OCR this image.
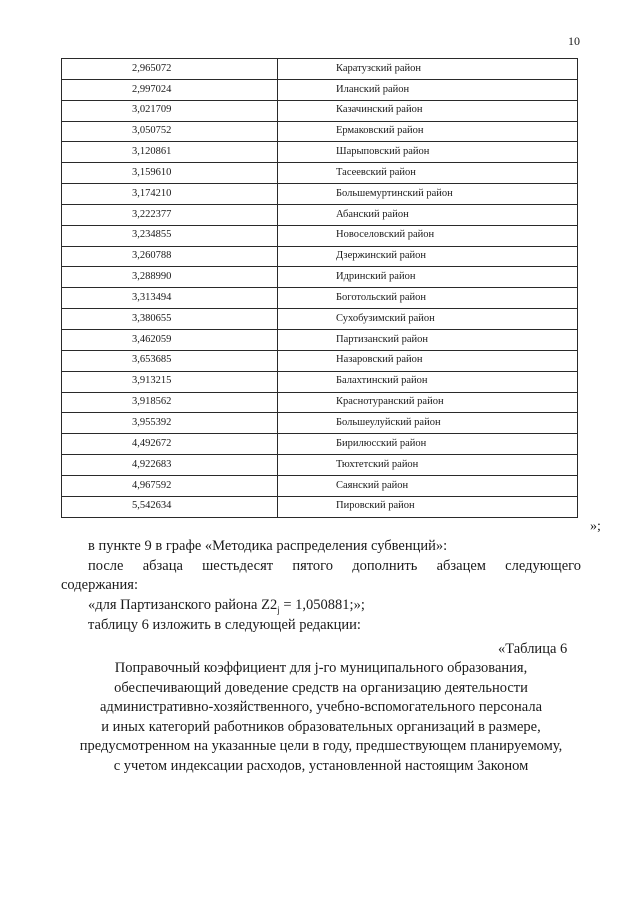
10
2,965072	Каратузский район
2,997024	Иланский район
3,021709	Казачинский район
3,050752	Ермаковский район
3,120861	Шарыповский район
3,159610	Тасеевский район
3,174210	Большемуртинский район
3,222377	Абанский район
3,234855	Новоселовский район
3,260788	Дзержинский район
3,288990	Идринский район
3,313494	Боготольский район
3,380655	Сухобузимский район
3,462059	Партизанский район
3,653685	Назаровский район
3,913215	Балахтинский район
3,918562	Краснотуранский район
3,955392	Большеулуйский район
4,492672	Бирилюсский район
4,922683	Тюхтетский район
4,967592	Саянский район
5,542634	Пировский район
»;
в пункте 9 в графе «Методика распределения субвенций»:
после абзаца шестьдесят пятого дополнить абзацем следующего
содержания:
«для Партизанского района $Z2_j = 1,050881$;»;
таблицу 6 изложить в следующей редакции:
«Таблица 6
Поправочный коэффициент для j-го муниципального образования,
обеспечивающий доведение средств на организацию деятельности
административно-хозяйственного, учебно-вспомогательного персонала
и иных категорий работников образовательных организаций в размере,
предусмотренном на указанные цели в году, предшествующем планируемому,
с учетом индексации расходов, установленной настоящим Законом
